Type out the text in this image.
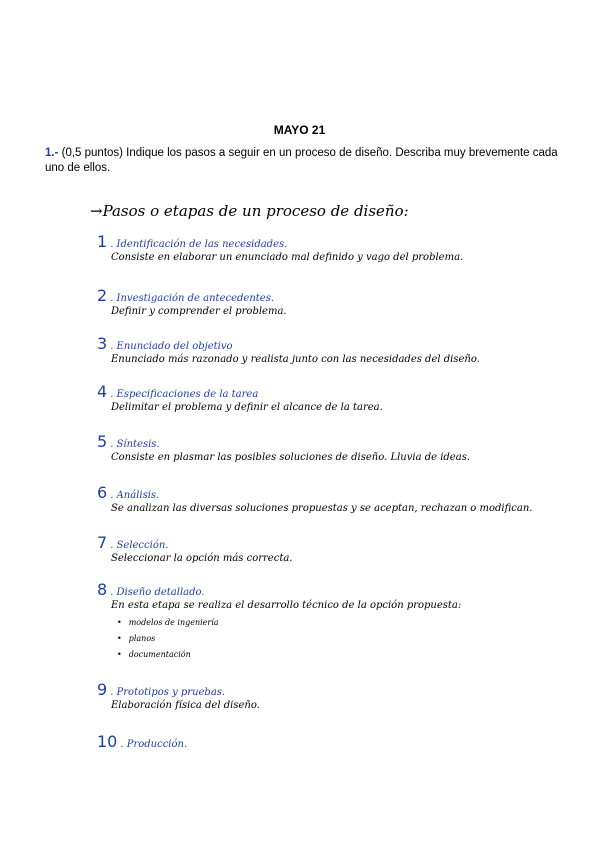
MAYO 21
1.- (0,5 puntos) Indique los pasos a seguir en un proceso de diseño. Describa muy brevemente cada uno de ellos.
→Pasos o etapas de un proceso de diseño:
1 . Identificación de las necesidades.
Consiste en elaborar un enunciado mal definido y vago del problema.
2 . Investigación de antecedentes.
Definir y comprender el problema.
3 . Enunciado del objetivo
Enunciado más razonado y realista junto con las necesidades del diseño.
4 . Especificaciones de la tarea
Delimitar el problema y definir el alcance de la tarea.
5 . Síntesis.
Consiste en plasmar las posibles soluciones de diseño. Lluvia de ideas.
6 . Análisis.
Se analizan las diversas soluciones propuestas y se aceptan, rechazan o modifican.
7 . Selección.
Seleccionar la opción más correcta.
8 . Diseño detallado.
En esta etapa se realiza el desarrollo técnico de la opción propuesta:
• modelos de ingeniería
• planos
• documentación
9 . Prototipos y pruebas.
Elaboración física del diseño.
10 . Producción.
